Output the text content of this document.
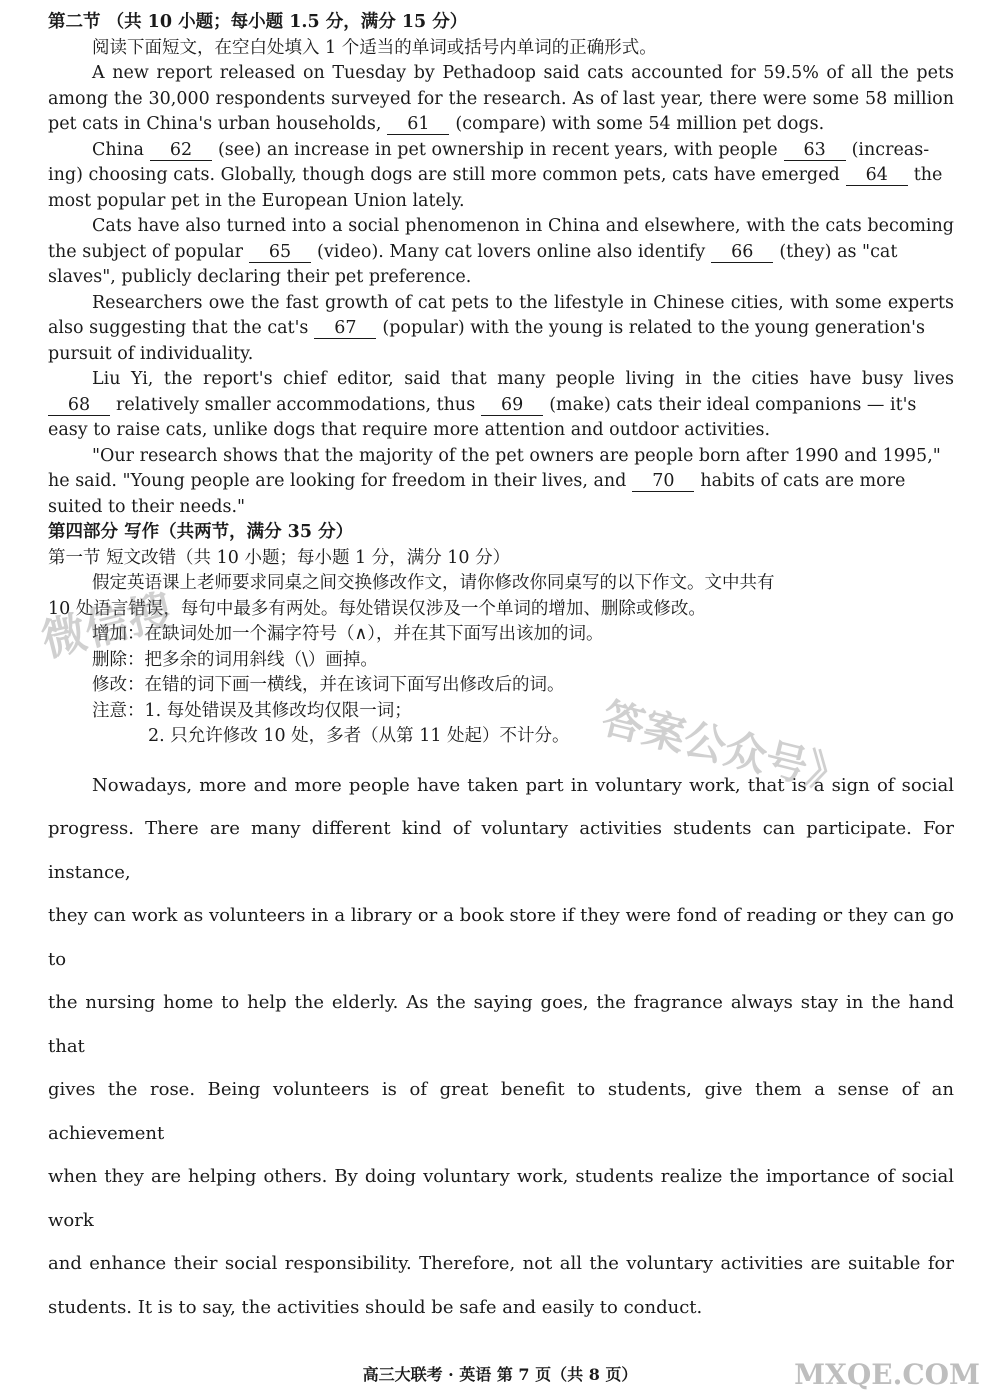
第二节 （共 10 小题；每小题 1.5 分，满分 15 分）
阅读下面短文，在空白处填入 1 个适当的单词或括号内单词的正确形式。
A new report released on Tuesday by Pethadoop said cats accounted for 59.5% of all the pets
among the 30,000 respondents surveyed for the research. As of last year, there were some 58 million
pet cats in China's urban households, 61 (compare) with some 54 million pet dogs.
China 62 (see) an increase in pet ownership in recent years, with people 63 (increas-
ing) choosing cats. Globally, though dogs are still more common pets, cats have emerged 64 the
most popular pet in the European Union lately.
Cats have also turned into a social phenomenon in China and elsewhere, with the cats becoming
the subject of popular 65 (video). Many cat lovers online also identify 66 (they) as "cat
slaves", publicly declaring their pet preference.
Researchers owe the fast growth of cat pets to the lifestyle in Chinese cities, with some experts
also suggesting that the cat's 67 (popular) with the young is related to the young generation's
pursuit of individuality.
Liu Yi, the report's chief editor, said that many people living in the cities have busy lives
68 relatively smaller accommodations, thus 69 (make) cats their ideal companions — it's
easy to raise cats, unlike dogs that require more attention and outdoor activities.
"Our research shows that the majority of the pet owners are people born after 1990 and 1995,"
he said. "Young people are looking for freedom in their lives, and 70 habits of cats are more
suited to their needs."
第四部分 写作（共两节，满分 35 分）
第一节 短文改错（共 10 小题；每小题 1 分，满分 10 分）
假定英语课上老师要求同桌之间交换修改作文，请你修改你同桌写的以下作文。文中共有
10 处语言错误，每句中最多有两处。每处错误仅涉及一个单词的增加、删除或修改。
增加：在缺词处加一个漏字符号（∧），并在其下面写出该加的词。
删除：把多余的词用斜线（\）画掉。
修改：在错的词下画一横线，并在该词下面写出修改后的词。
注意：1. 每处错误及其修改均仅限一词；
2. 只允许修改 10 处，多者（从第 11 处起）不计分。
Nowadays, more and more people have taken part in voluntary work, that is a sign of social
progress. There are many different kind of voluntary activities students can participate. For instance,
they can work as volunteers in a library or a book store if they were fond of reading or they can go to
the nursing home to help the elderly. As the saying goes, the fragrance always stay in the hand that
gives the rose. Being volunteers is of great benefit to students, give them a sense of an achievement
when they are helping others. By doing voluntary work, students realize the importance of social work
and enhance their social responsibility. Therefore, not all the voluntary activities are suitable for
students. It is to say, the activities should be safe and easily to conduct.
微信搜
答案公众号》
MXQE.COM
高三大联考 · 英语 第 7 页（共 8 页）
